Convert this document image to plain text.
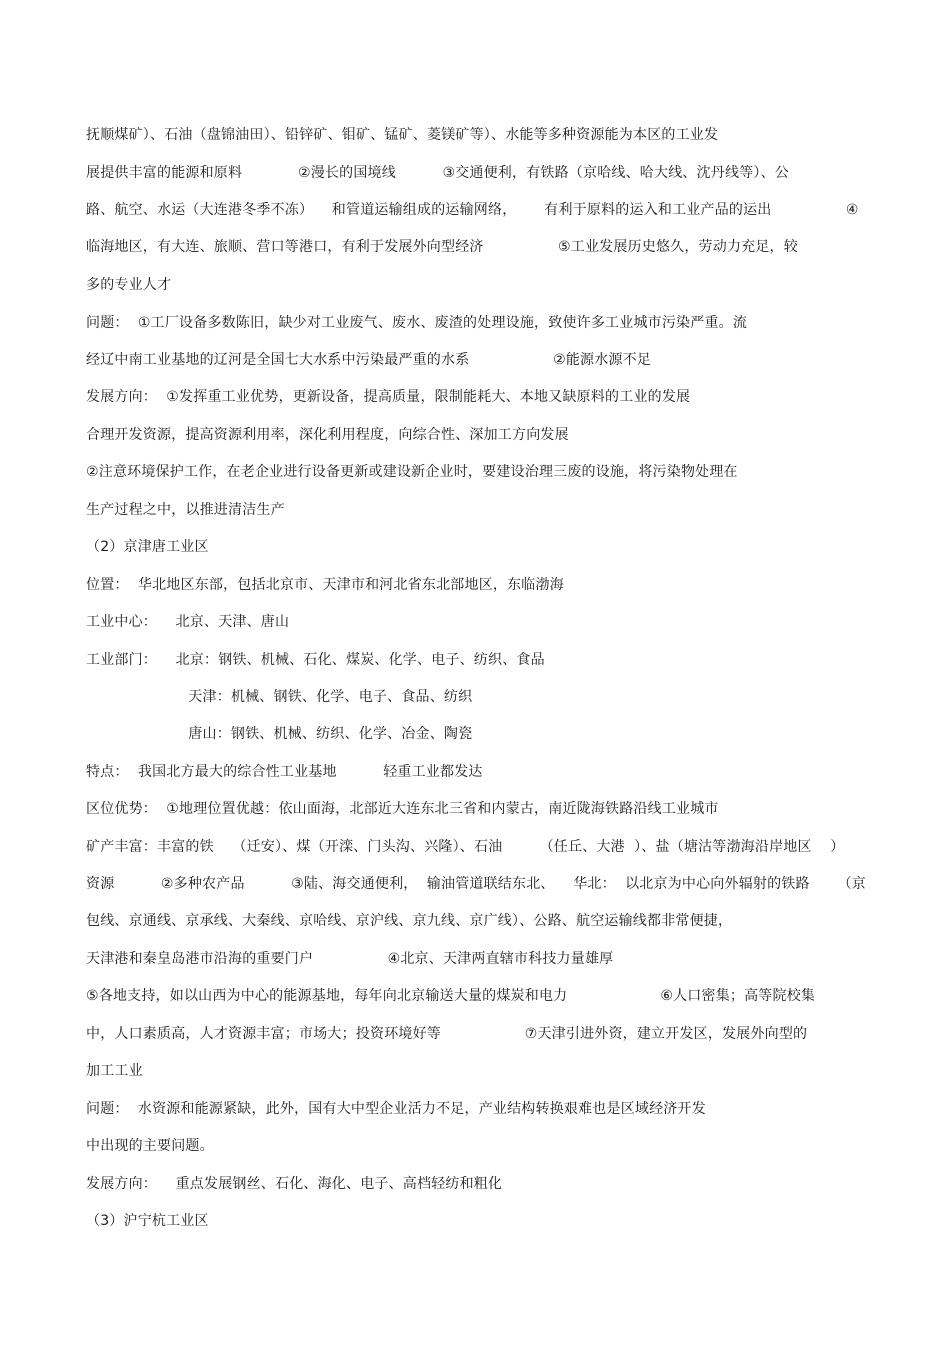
抚顺煤矿）、石油（盘锦油田）、铅锌矿、钼矿、锰矿、菱镁矿等）、水能等多种资源能为本区的工业发
展提供丰富的能源和原料            ②漫长的国境线          ③交通便利，有铁路（京哈线、哈大线、沈丹线等）、公
路、航空、水运（大连港冬季不冻）    和管道运输组成的运输网络，      有利于原料的运入和工业产品的运出                ④
临海地区，有大连、旅顺、营口等港口，有利于发展外向型经济                ⑤工业发展历史悠久，劳动力充足，较
多的专业人才
问题：  ①工厂设备多数陈旧，缺少对工业废气、废水、废渣的处理设施，致使许多工业城市污染严重。流
经辽中南工业基地的辽河是全国七大水系中污染最严重的水系                  ②能源水源不足
发展方向：  ①发挥重工业优势，更新设备，提高质量，限制能耗大、本地又缺原料的工业的发展
合理开发资源，提高资源利用率，深化利用程度，向综合性、深加工方向发展
②注意环境保护工作，在老企业进行设备更新或建设新企业时，要建设治理三废的设施，将污染物处理在
生产过程之中，以推进清洁生产
（2）京津唐工业区
位置：  华北地区东部，包括北京市、天津市和河北省东北部地区，东临渤海
工业中心：    北京、天津、唐山
工业部门：    北京：钢铁、机械、石化、煤炭、化学、电子、纺织、食品
天津：机械、钢铁、化学、电子、食品、纺织
唐山：钢铁、机械、纺织、化学、冶金、陶瓷
特点：  我国北方最大的综合性工业基地          轻重工业都发达
区位优势：  ①地理位置优越：依山面海，北部近大连东北三省和内蒙古，南近陇海铁路沿线工业城市
矿产丰富：丰富的铁    （迁安）、煤（开滦、门头沟、兴隆）、石油        （任丘、大港  ）、盐（塘沽等渤海沿岸地区    ）
资源          ②多种农产品          ③陆、海交通便利，  输油管道联结东北、    华北：  以北京为中心向外辐射的铁路      （京
包线、京通线、京承线、大秦线、京哈线、京沪线、京九线、京广线）、公路、航空运输线都非常便捷，
天津港和秦皇岛港市沿海的重要门户                ④北京、天津两直辖市科技力量雄厚
⑤各地支持，如以山西为中心的能源基地，每年向北京输送大量的煤炭和电力                    ⑥人口密集；高等院校集
中，人口素质高，人才资源丰富；市场大；投资环境好等                  ⑦天津引进外资，建立开发区，发展外向型的
加工工业
问题：  水资源和能源紧缺，此外，国有大中型企业活力不足，产业结构转换艰难也是区域经济开发
中出现的主要问题。
发展方向：    重点发展钢丝、石化、海化、电子、高档轻纺和粗化
（3）沪宁杭工业区
